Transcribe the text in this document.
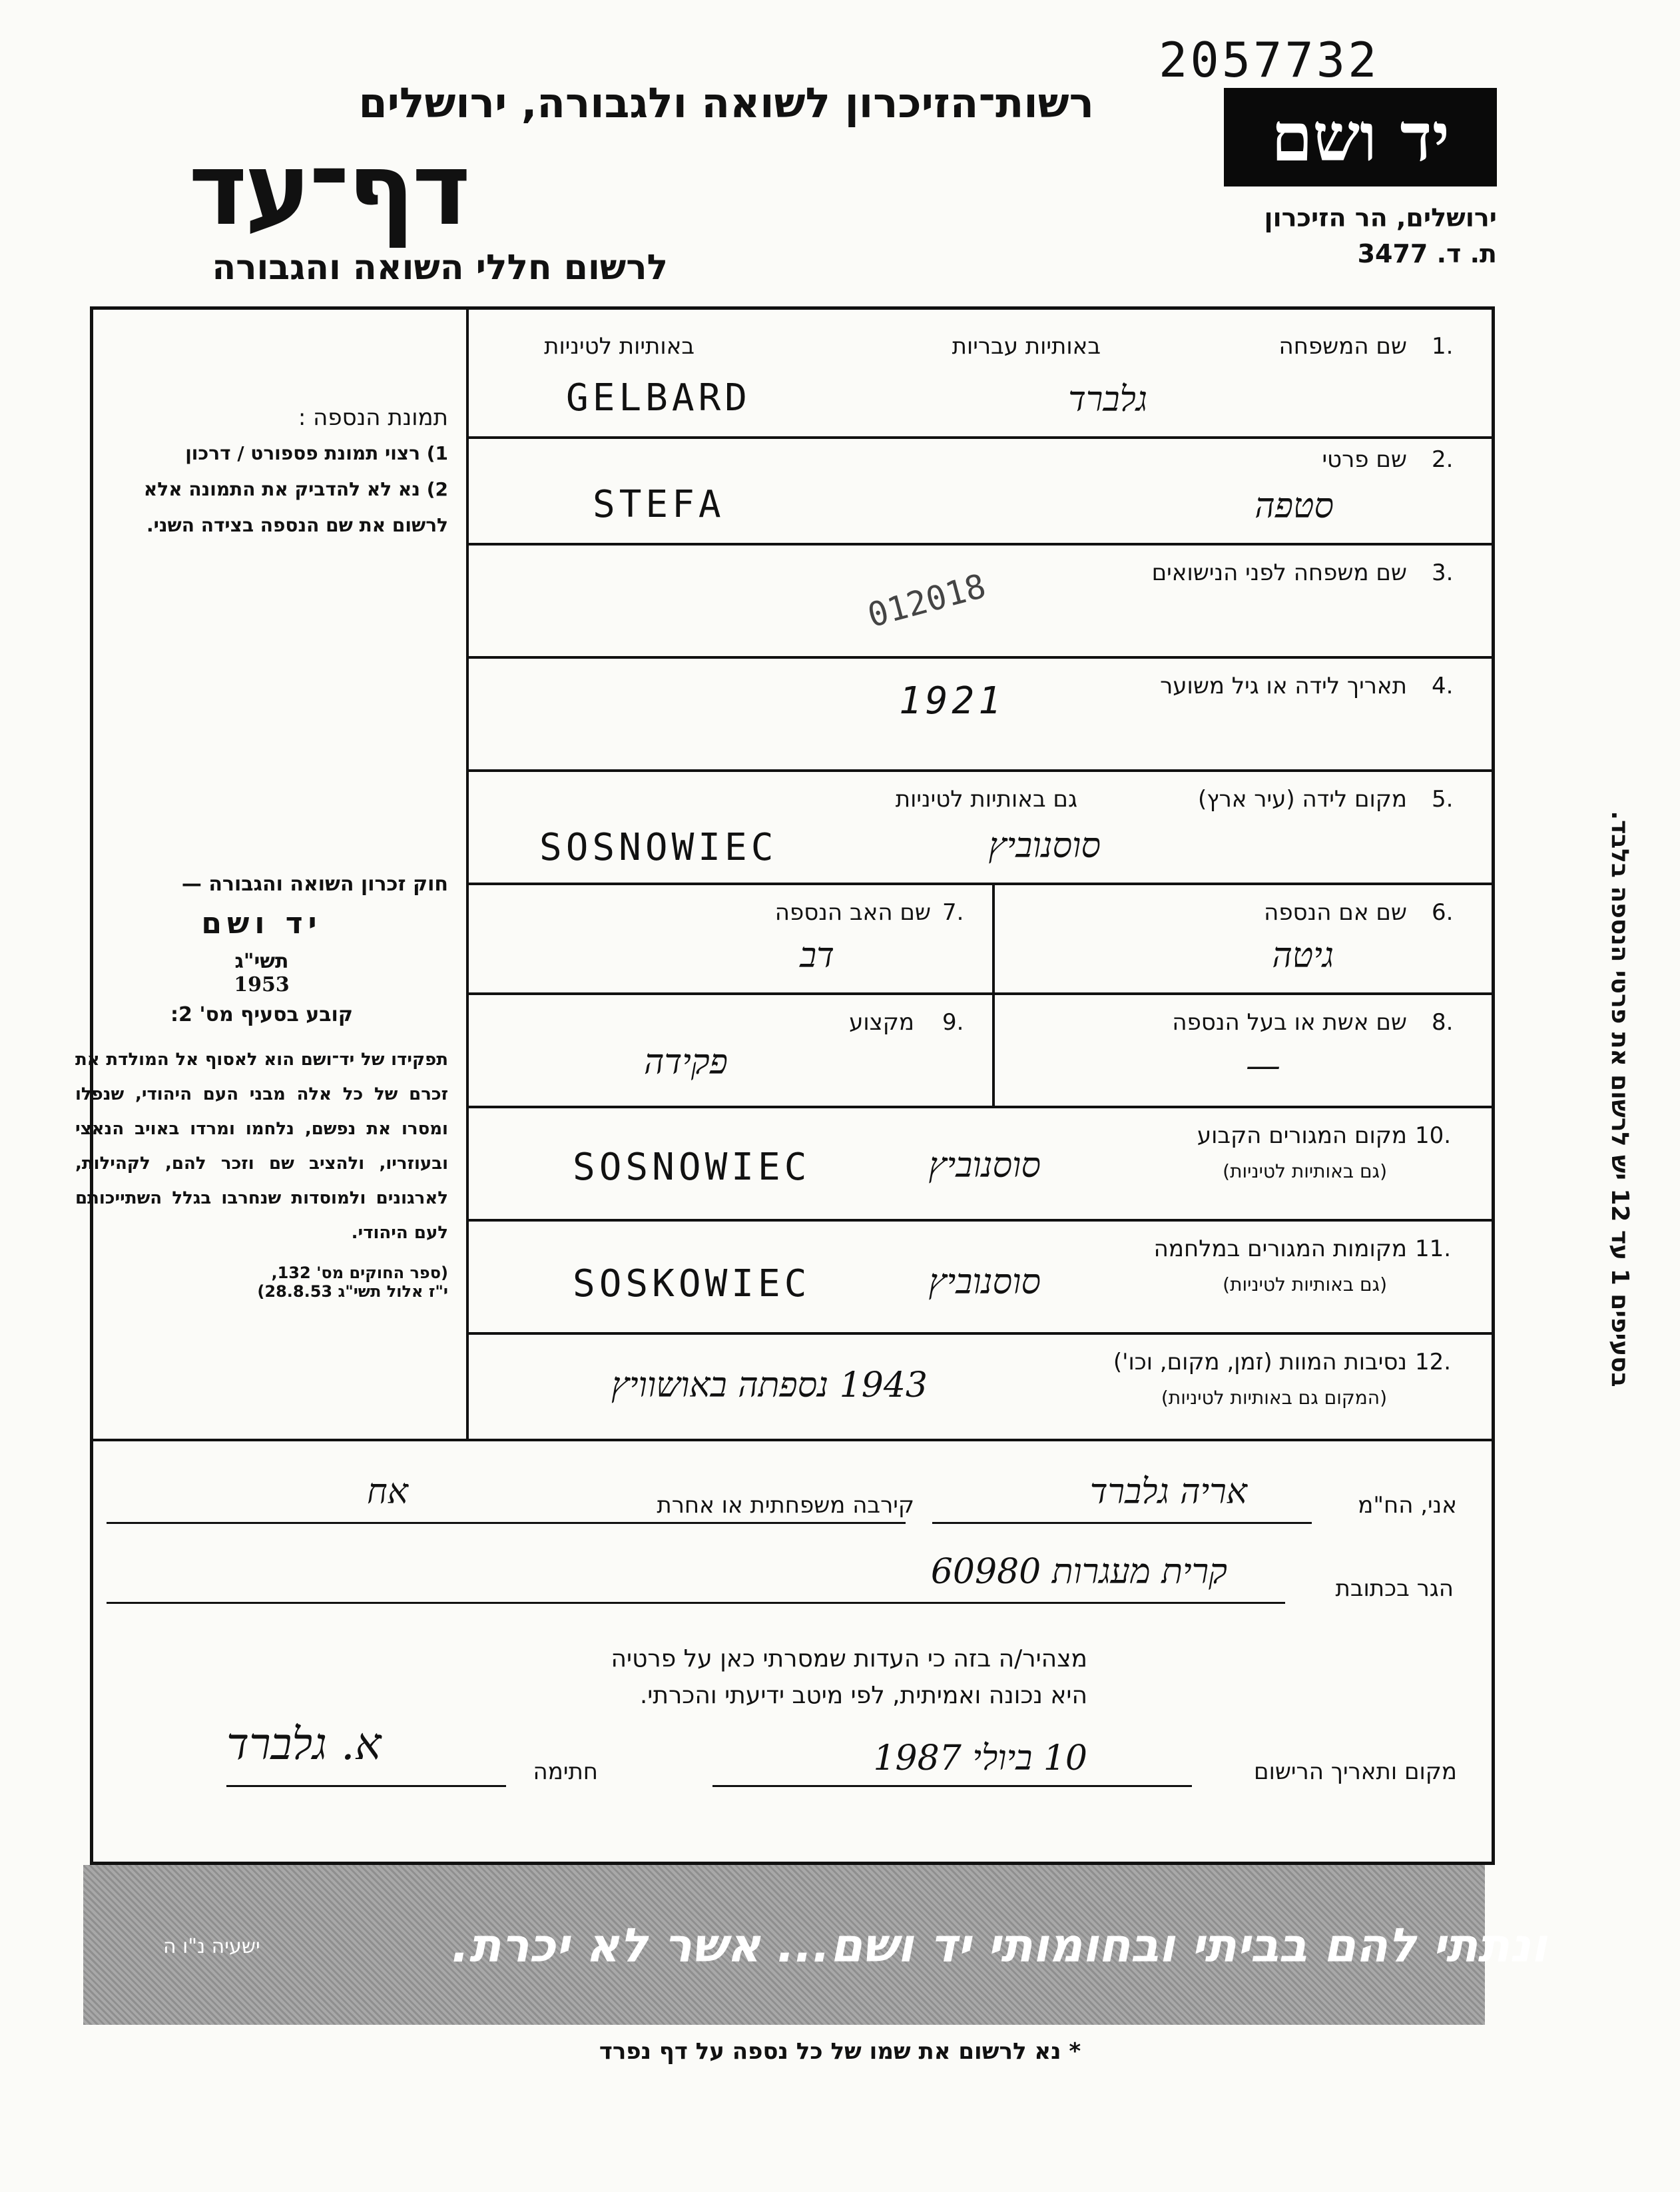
2057732
יד ושם
ירושלים, הר הזיכרון
ת. ד. 3477
רשות־הזיכרון לשואה ולגבורה, ירושלים
דף־עד
לרשום חללי השואה והגבורה
בסעיפים 1 עד 12 יש לרשום את פרטי הנספה בלבד.
תמונת הנספה :
1) רצוי תמונת פספורט / דרכון
2) נא לא להדביק את התמונה אלא לרשום את שם הנספה בצידה השני.
חוק זכרון השואה והגבורה —
יד ושם
תשי"ג
1953
קובע בסעיף מס' 2:
תפקידו של יד־ושם הוא לאסוף אל המולדת את זכרם של כל אלה מבני העם היהודי, שנפלו ומסרו את נפשם, נלחמו ומרדו באויב הנאצי ובעוזריו, ולהציב שם וזכר להם, לקהילות, לארגונים ולמוסדות שנחרבו בגלל השתייכותם לעם היהודי.
(ספר החוקים מס' 132,
י"ז אלול תשי"ג 28.8.53)
1.
שם המשפחה
באותיות עבריות
באותיות לטיניות
GELBARD	גלברד
2.
שם פרטי
STEFA	סטפה
3.
שם משפחה לפני הנישואים
012018
4.
תאריך לידה או גיל משוער
1921
5.
מקום לידה (עיר ארץ)
גם באותיות לטיניות
SOSNOWIEC	סוסנוביץ
6.
שם אם הנספה
גיטה
7.
שם האב הנספה
דב
8.
שם אשת או בעל הנספה
—
9.
מקצוע
פקידה
10.
מקום המגורים הקבוע
(גם באותיות לטיניות)
SOSNOWIEC	סוסנוביץ
11.
מקומות המגורים במלחמה
(גם באותיות לטיניות)
SOSKOWIEC	סוסנוביץ
12.
נסיבות המוות (זמן, מקום, וכו')
(המקום גם באותיות לטיניות)
1943 נספתה באושוויץ
אני, הח"מ
אריה גלברד
קירבה משפחתית או אחרת
אח
הגר בכתובת
קרית מעגרות 60980
מצהיר/ה בזה כי העדות שמסרתי כאן על פרטיה
היא נכונה ואמיתית, לפי מיטב ידיעתי והכרתי.
מקום ותאריך הרישום
10 ביולי 1987
חתימה
א. גלברד
ונתתי להם בביתי ובחומותי יד ושם... אשר לא יכרת.
ישעיה נ"ו ה
* נא לרשום את שמו של כל נספה על דף נפרד
